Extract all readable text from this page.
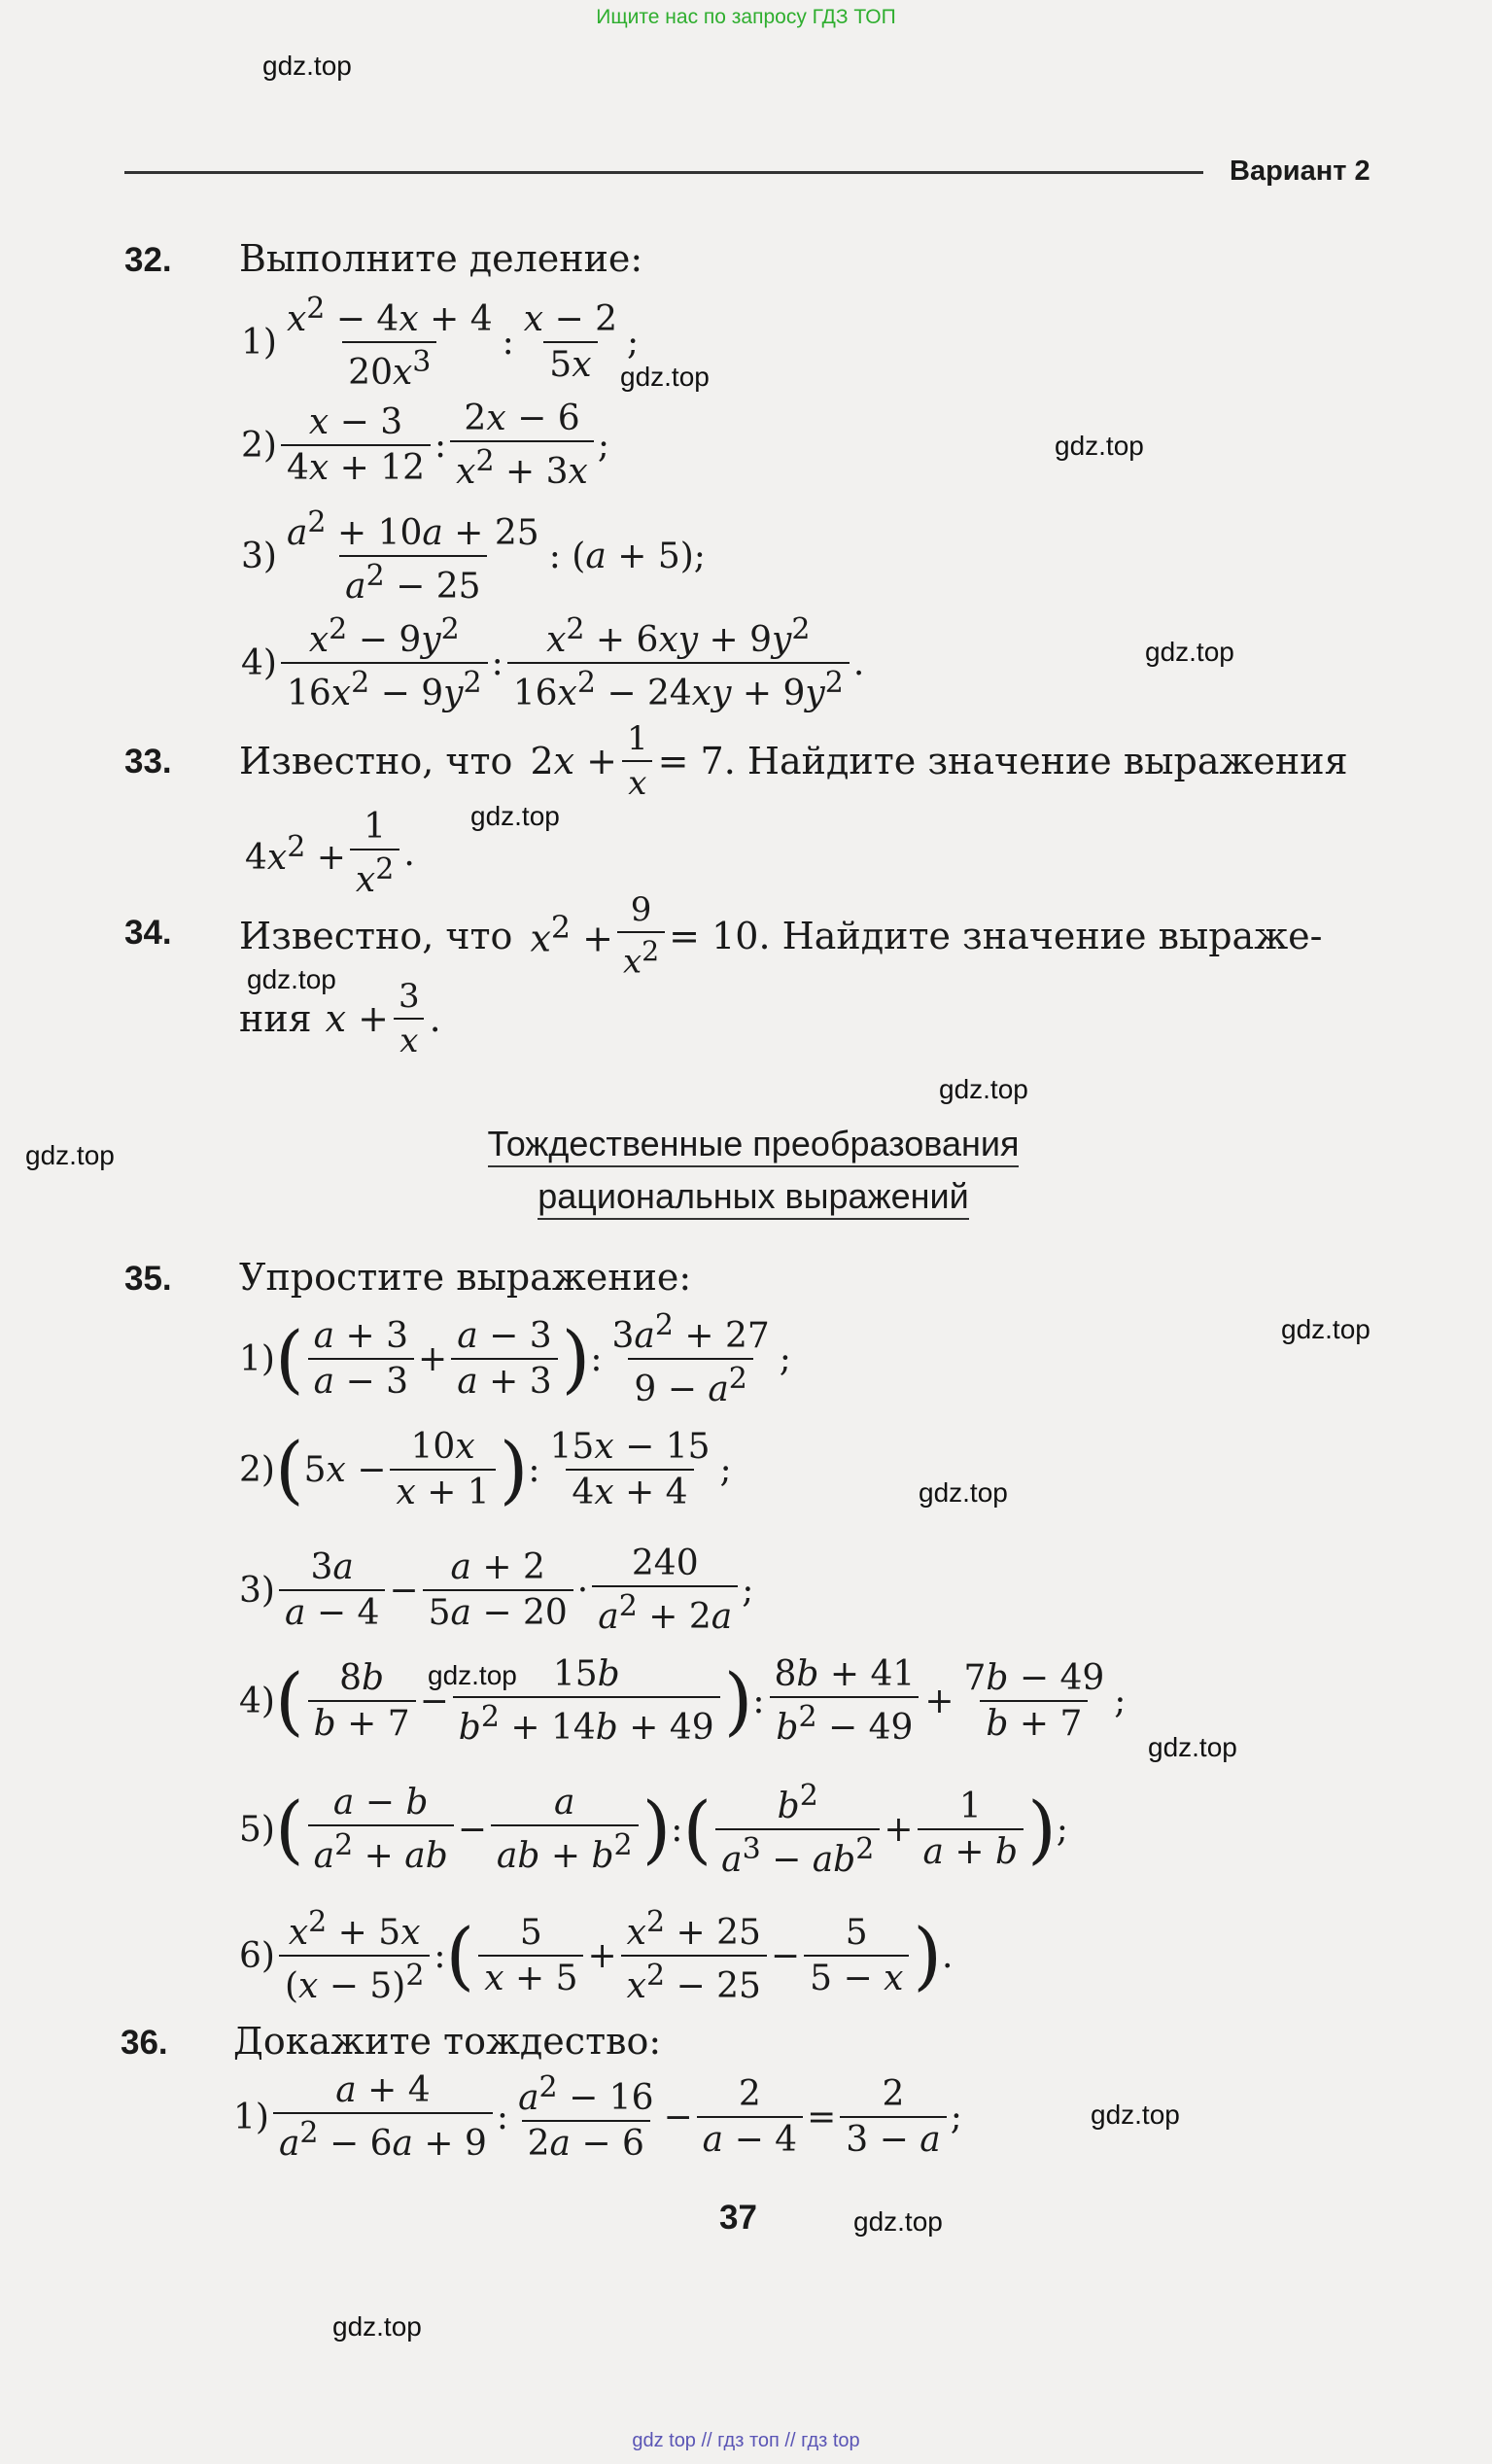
Ищите нас по запросу ГДЗ ТОП
Вариант 2
gdz.top
gdz.top
gdz.top
gdz.top
gdz.top
gdz.top
gdz.top
gdz.top
gdz.top
gdz.top
gdz.top
gdz.top
gdz.top
gdz.top
gdz.top
32. Выполните деление:
$1) \frac{x^2 - 4x + 4}{20x^3}$ : $\frac{x - 2}{5x}$ ;
$2) \frac{x - 3}{4x + 12}$ : $\frac{2x - 6}{x^2 + 3x}$ ;
$3) \frac{a^2 + 10a + 25}{a^2 - 25}$ : (a + 5);
$4) \frac{x^2 - 9y^2}{16x^2 - 9y^2}$ : $\frac{x^2 + 6xy + 9y^2}{16x^2 - 24xy + 9y^2}$ .
33. Известно, что $2x + \frac{1}{x} = 7$. Найдите значение выражения
$4x^2 + \frac{1}{x^2}$ .
34. Известно, что $x^2 + \frac{9}{x^2} = 10$. Найдите значение выраже-
ния $x + \frac{3}{x}$ .
Тождественные преобразования
рациональных выражений
35. Упростите выражение:
1) ( $\frac{a + 3}{a - 3} + \frac{a - 3}{a + 3}$ ) : $\frac{3a^2 + 27}{9 - a^2}$ ;
2) ( $5x - \frac{10x}{x + 1}$ ) : $\frac{15x - 15}{4x + 4}$ ;
$3) \frac{3a}{a - 4} - \frac{a + 2}{5a - 20} \cdot \frac{240}{a^2 + 2a}$ ;
4) ( $\frac{8b}{b + 7} - \frac{15b}{b^2 + 14b + 49}$ ) : $\frac{8b + 41}{b^2 - 49} + \frac{7b - 49}{b + 7}$ ;
5) ( $\frac{a - b}{a^2 + ab} - \frac{a}{ab + b^2}$ ) : ( $\frac{b^2}{a^3 - ab^2} + \frac{1}{a + b}$ ) ;
$6) \frac{x^2 + 5x}{(x - 5)^2}$ : ( $\frac{5}{x + 5} + \frac{x^2 + 25}{x^2 - 25} - \frac{5}{5 - x}$ ) .
36. Докажите тождество:
$1) \frac{a + 4}{a^2 - 6a + 9}$ : $\frac{a^2 - 16}{2a - 6} - \frac{2}{a - 4} = \frac{2}{3 - a}$ ;
37
gdz top // гдз топ // гдз top
